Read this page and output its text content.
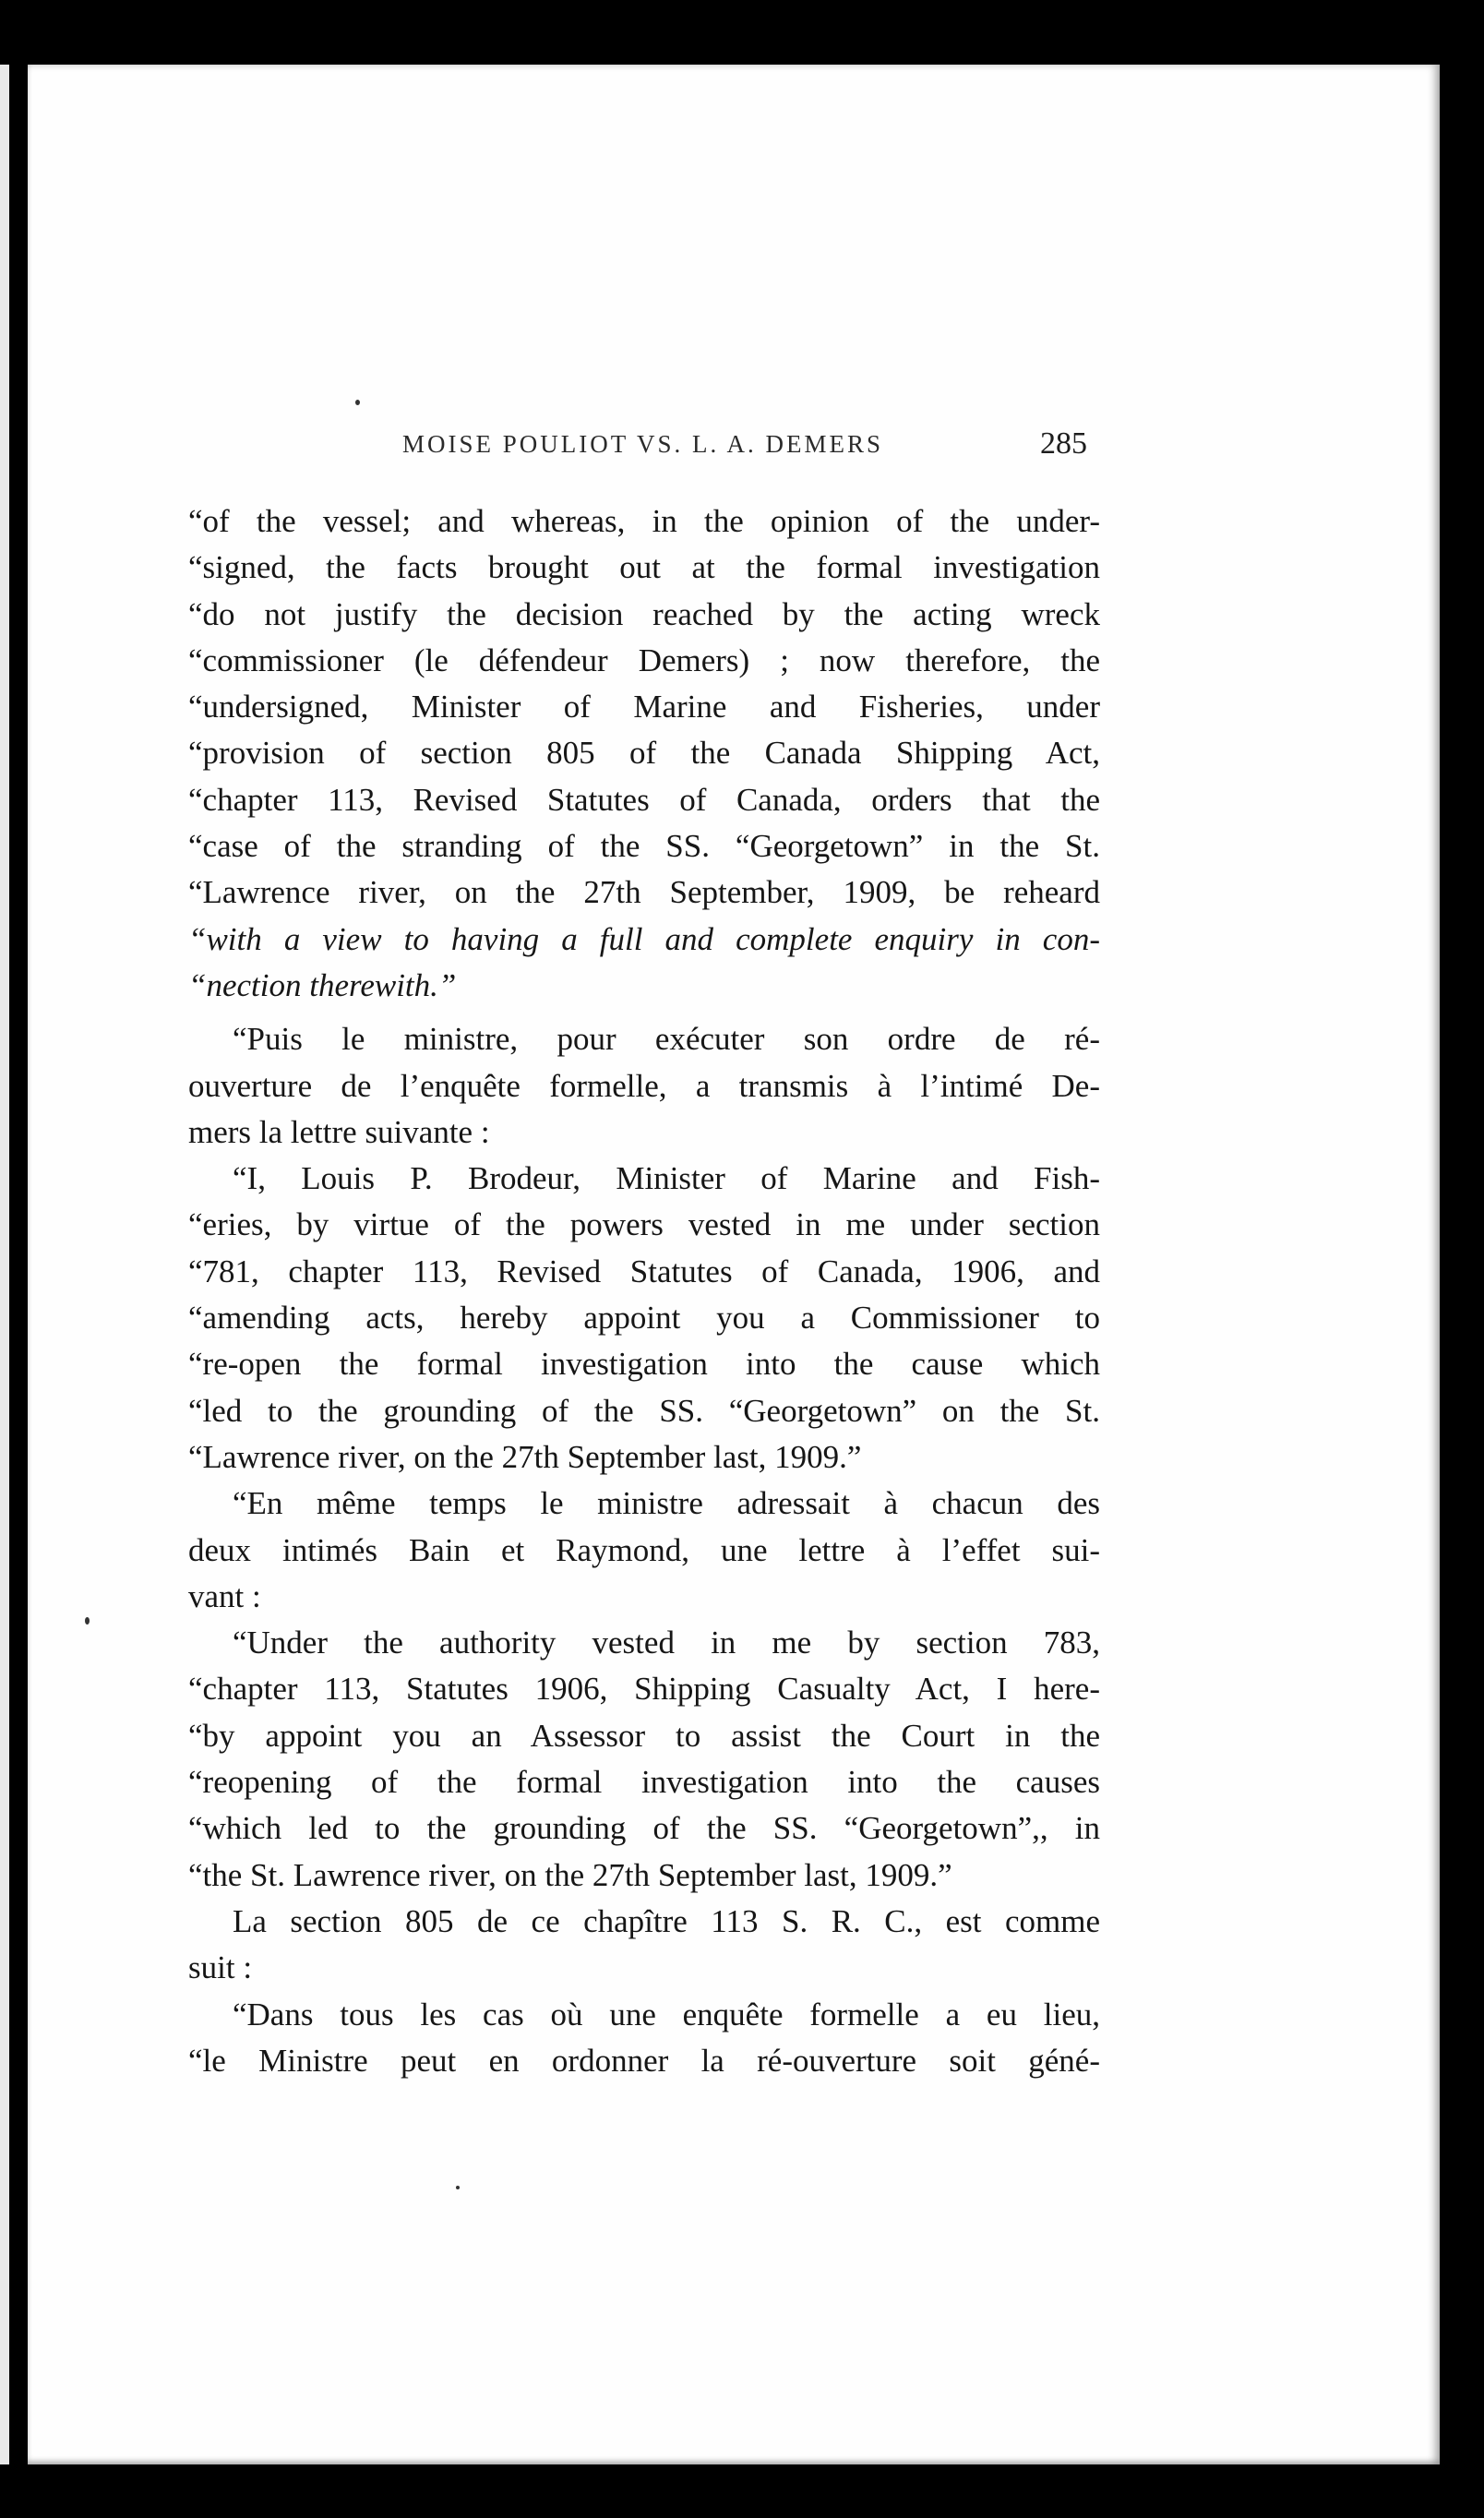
MOISE POULIOT VS. L. A. DEMERS	285
“of the vessel; and whereas, in the opinion of the under-
“signed, the facts brought out at the formal investigation
“do not justify the decision reached by the acting wreck
“commissioner (le défendeur Demers) ; now therefore, the
“undersigned, Minister of Marine and Fisheries, under
“provision of section 805 of the Canada Shipping Act,
“chapter 113, Revised Statutes of Canada, orders that the
“case of the stranding of the SS. “Georgetown” in the St.
“Lawrence river, on the 27th September, 1909, be reheard
“with a view to having a full and complete enquiry in con-
“nection therewith.”
“Puis le ministre, pour exécuter son ordre de ré-
ouverture de l’enquête formelle, a transmis à l’intimé De-
mers la lettre suivante :
“I, Louis P. Brodeur, Minister of Marine and Fish-
“eries, by virtue of the powers vested in me under section
“781, chapter 113, Revised Statutes of Canada, 1906, and
“amending acts, hereby appoint you a Commissioner to
“re-open the formal investigation into the cause which
“led to the grounding of the SS. “Georgetown” on the St.
“Lawrence river, on the 27th September last, 1909.”
“En même temps le ministre adressait à chacun des
deux intimés Bain et Raymond, une lettre à l’effet sui-
vant :
“Under the authority vested in me by section 783,
“chapter 113, Statutes 1906, Shipping Casualty Act, I here-
“by appoint you an Assessor to assist the Court in the
“reopening of the formal investigation into the causes
“which led to the grounding of the SS. “Georgetown”,, in
“the St. Lawrence river, on the 27th September last, 1909.”
La section 805 de ce chapître 113 S. R. C., est comme
suit :
“Dans tous les cas où une enquête formelle a eu lieu,
“le Ministre peut en ordonner la ré-ouverture soit géné-
